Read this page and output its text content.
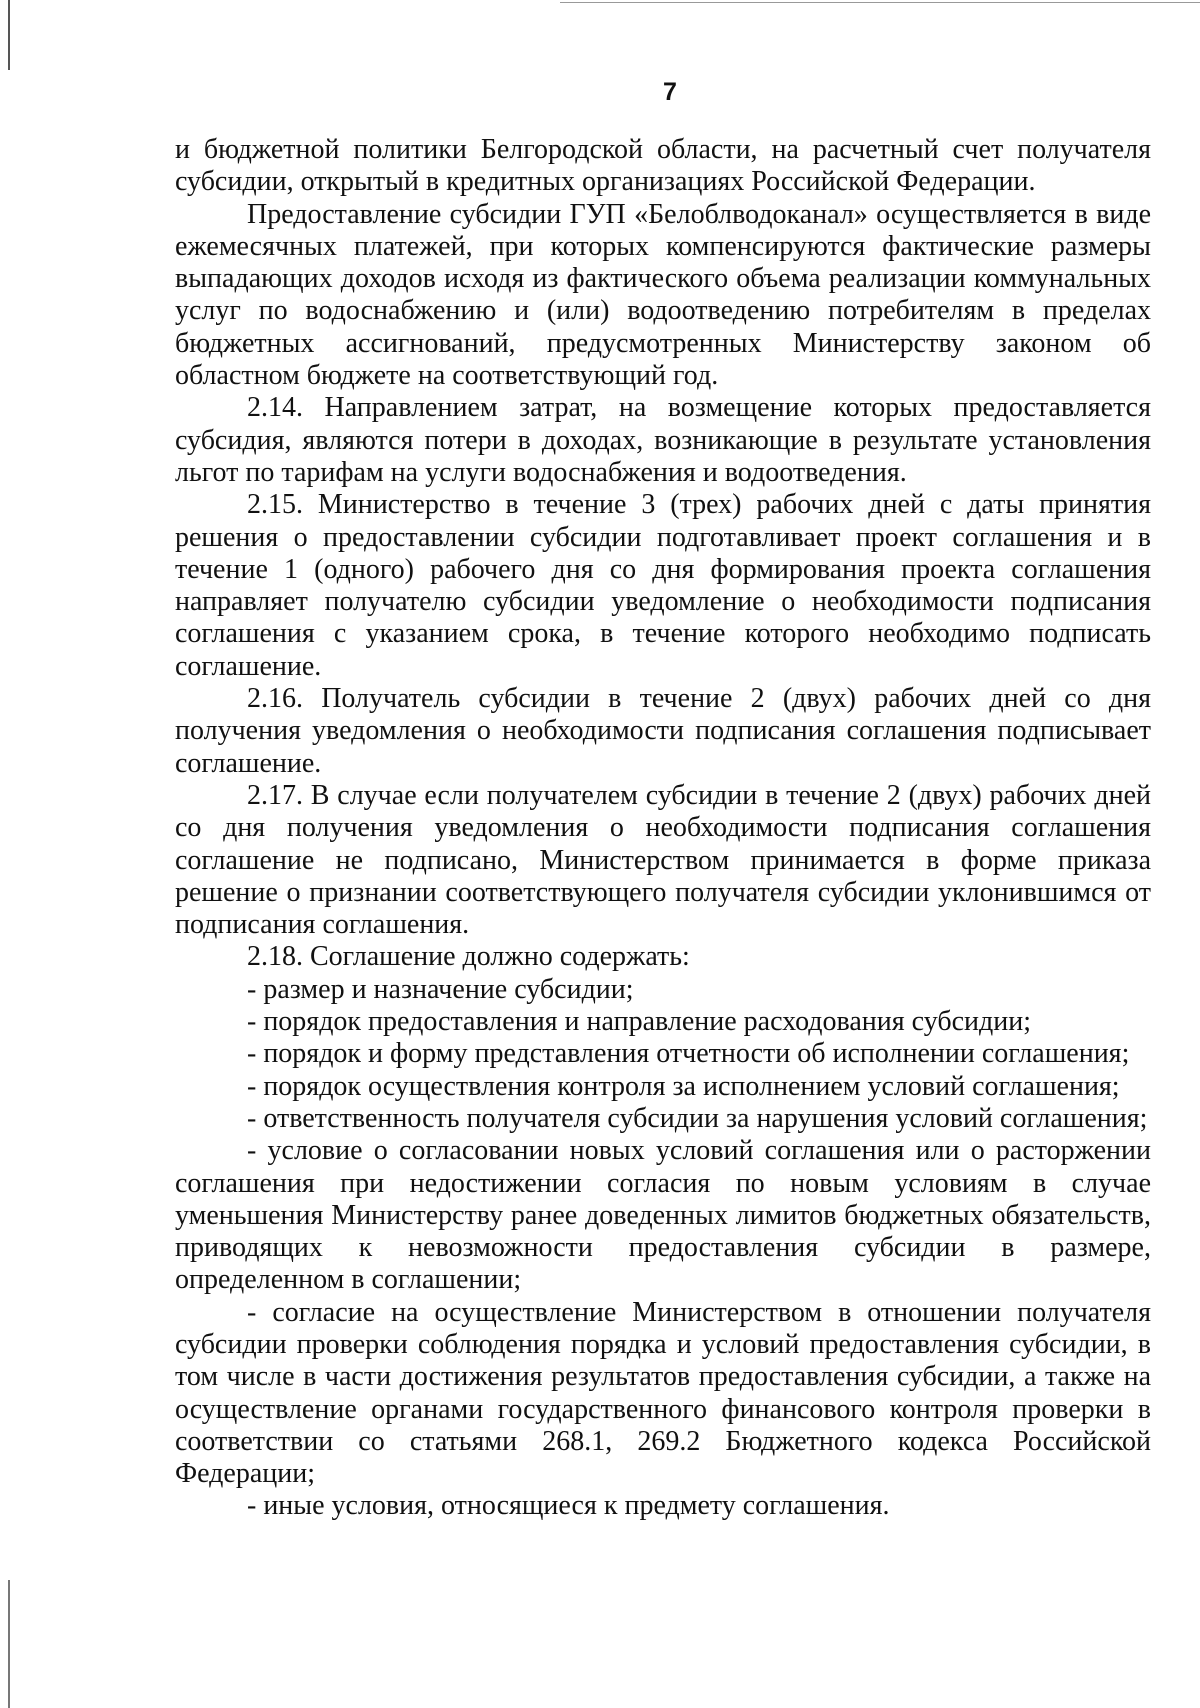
7

и бюджетной политики Белгородской области, на расчетный счет получателя субсидии, открытый в кредитных организациях Российской Федерации.

Предоставление субсидии ГУП «Белоблводоканал» осуществляется в виде ежемесячных платежей, при которых компенсируются фактические размеры выпадающих доходов исходя из фактического объема реализации коммунальных услуг по водоснабжению и (или) водоотведению потребителям в пределах бюджетных ассигнований, предусмотренных Министерству законом об областном бюджете на соответствующий год.

2.14. Направлением затрат, на возмещение которых предоставляется субсидия, являются потери в доходах, возникающие в результате установления льгот по тарифам на услуги водоснабжения и водоотведения.

2.15. Министерство в течение 3 (трех) рабочих дней с даты принятия решения о предоставлении субсидии подготавливает проект соглашения и в течение 1 (одного) рабочего дня со дня формирования проекта соглашения направляет получателю субсидии уведомление о необходимости подписания соглашения с указанием срока, в течение которого необходимо подписать соглашение.

2.16. Получатель субсидии в течение 2 (двух) рабочих дней со дня получения уведомления о необходимости подписания соглашения подписывает соглашение.

2.17. В случае если получателем субсидии в течение 2 (двух) рабочих дней со дня получения уведомления о необходимости подписания соглашения соглашение не подписано, Министерством принимается в форме приказа решение о признании соответствующего получателя субсидии уклонившимся от подписания соглашения.

2.18. Соглашение должно содержать:

- размер и назначение субсидии;

- порядок предоставления и направление расходования субсидии;

- порядок и форму представления отчетности об исполнении соглашения;

- порядок осуществления контроля за исполнением условий соглашения;

- ответственность получателя субсидии за нарушения условий соглашения;

- условие о согласовании новых условий соглашения или о расторжении соглашения при недостижении согласия по новым условиям в случае уменьшения Министерству ранее доведенных лимитов бюджетных обязательств, приводящих к невозможности предоставления субсидии в размере, определенном в соглашении;

- согласие на осуществление Министерством в отношении получателя субсидии проверки соблюдения порядка и условий предоставления субсидии, в том числе в части достижения результатов предоставления субсидии, а также на осуществление органами государственного финансового контроля проверки в соответствии со статьями 268.1, 269.2 Бюджетного кодекса Российской Федерации;

- иные условия, относящиеся к предмету соглашения.
